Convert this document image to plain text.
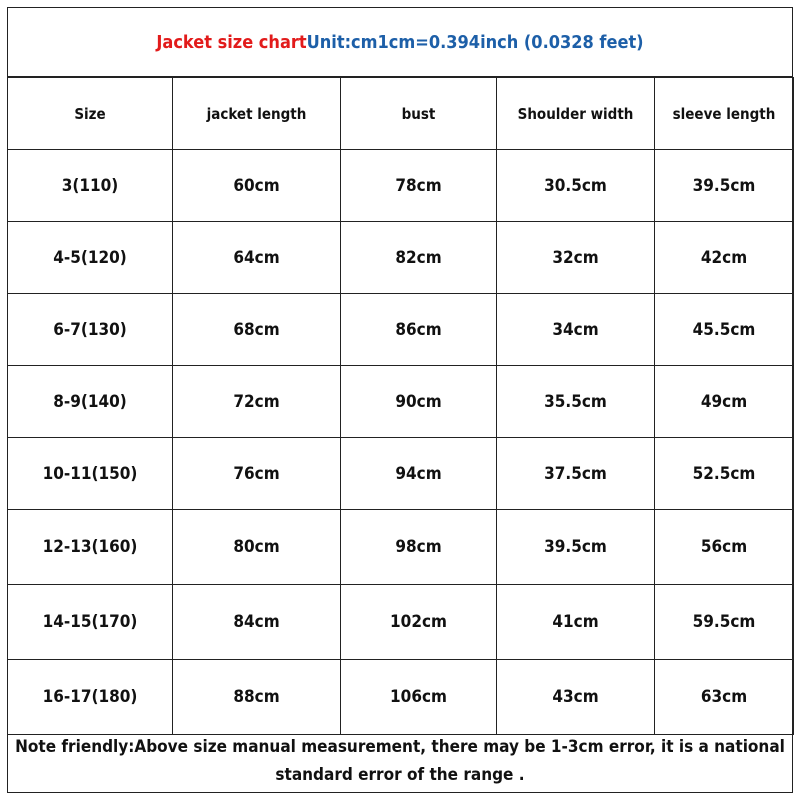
Jacket size chart Unit:cm 1cm=0.394inch (0.0328 feet)
Size	jacket length	bust	Shoulder width	sleeve length
3(110)	60cm	78cm	30.5cm	39.5cm
4-5(120)	64cm	82cm	32cm	42cm
6-7(130)	68cm	86cm	34cm	45.5cm
8-9(140)	72cm	90cm	35.5cm	49cm
10-11(150)	76cm	94cm	37.5cm	52.5cm
12-13(160)	80cm	98cm	39.5cm	56cm
14-15(170)	84cm	102cm	41cm	59.5cm
16-17(180)	88cm	106cm	43cm	63cm
Note friendly:Above size manual measurement, there may be 1-3cm error, it is a national standard error of the range .
